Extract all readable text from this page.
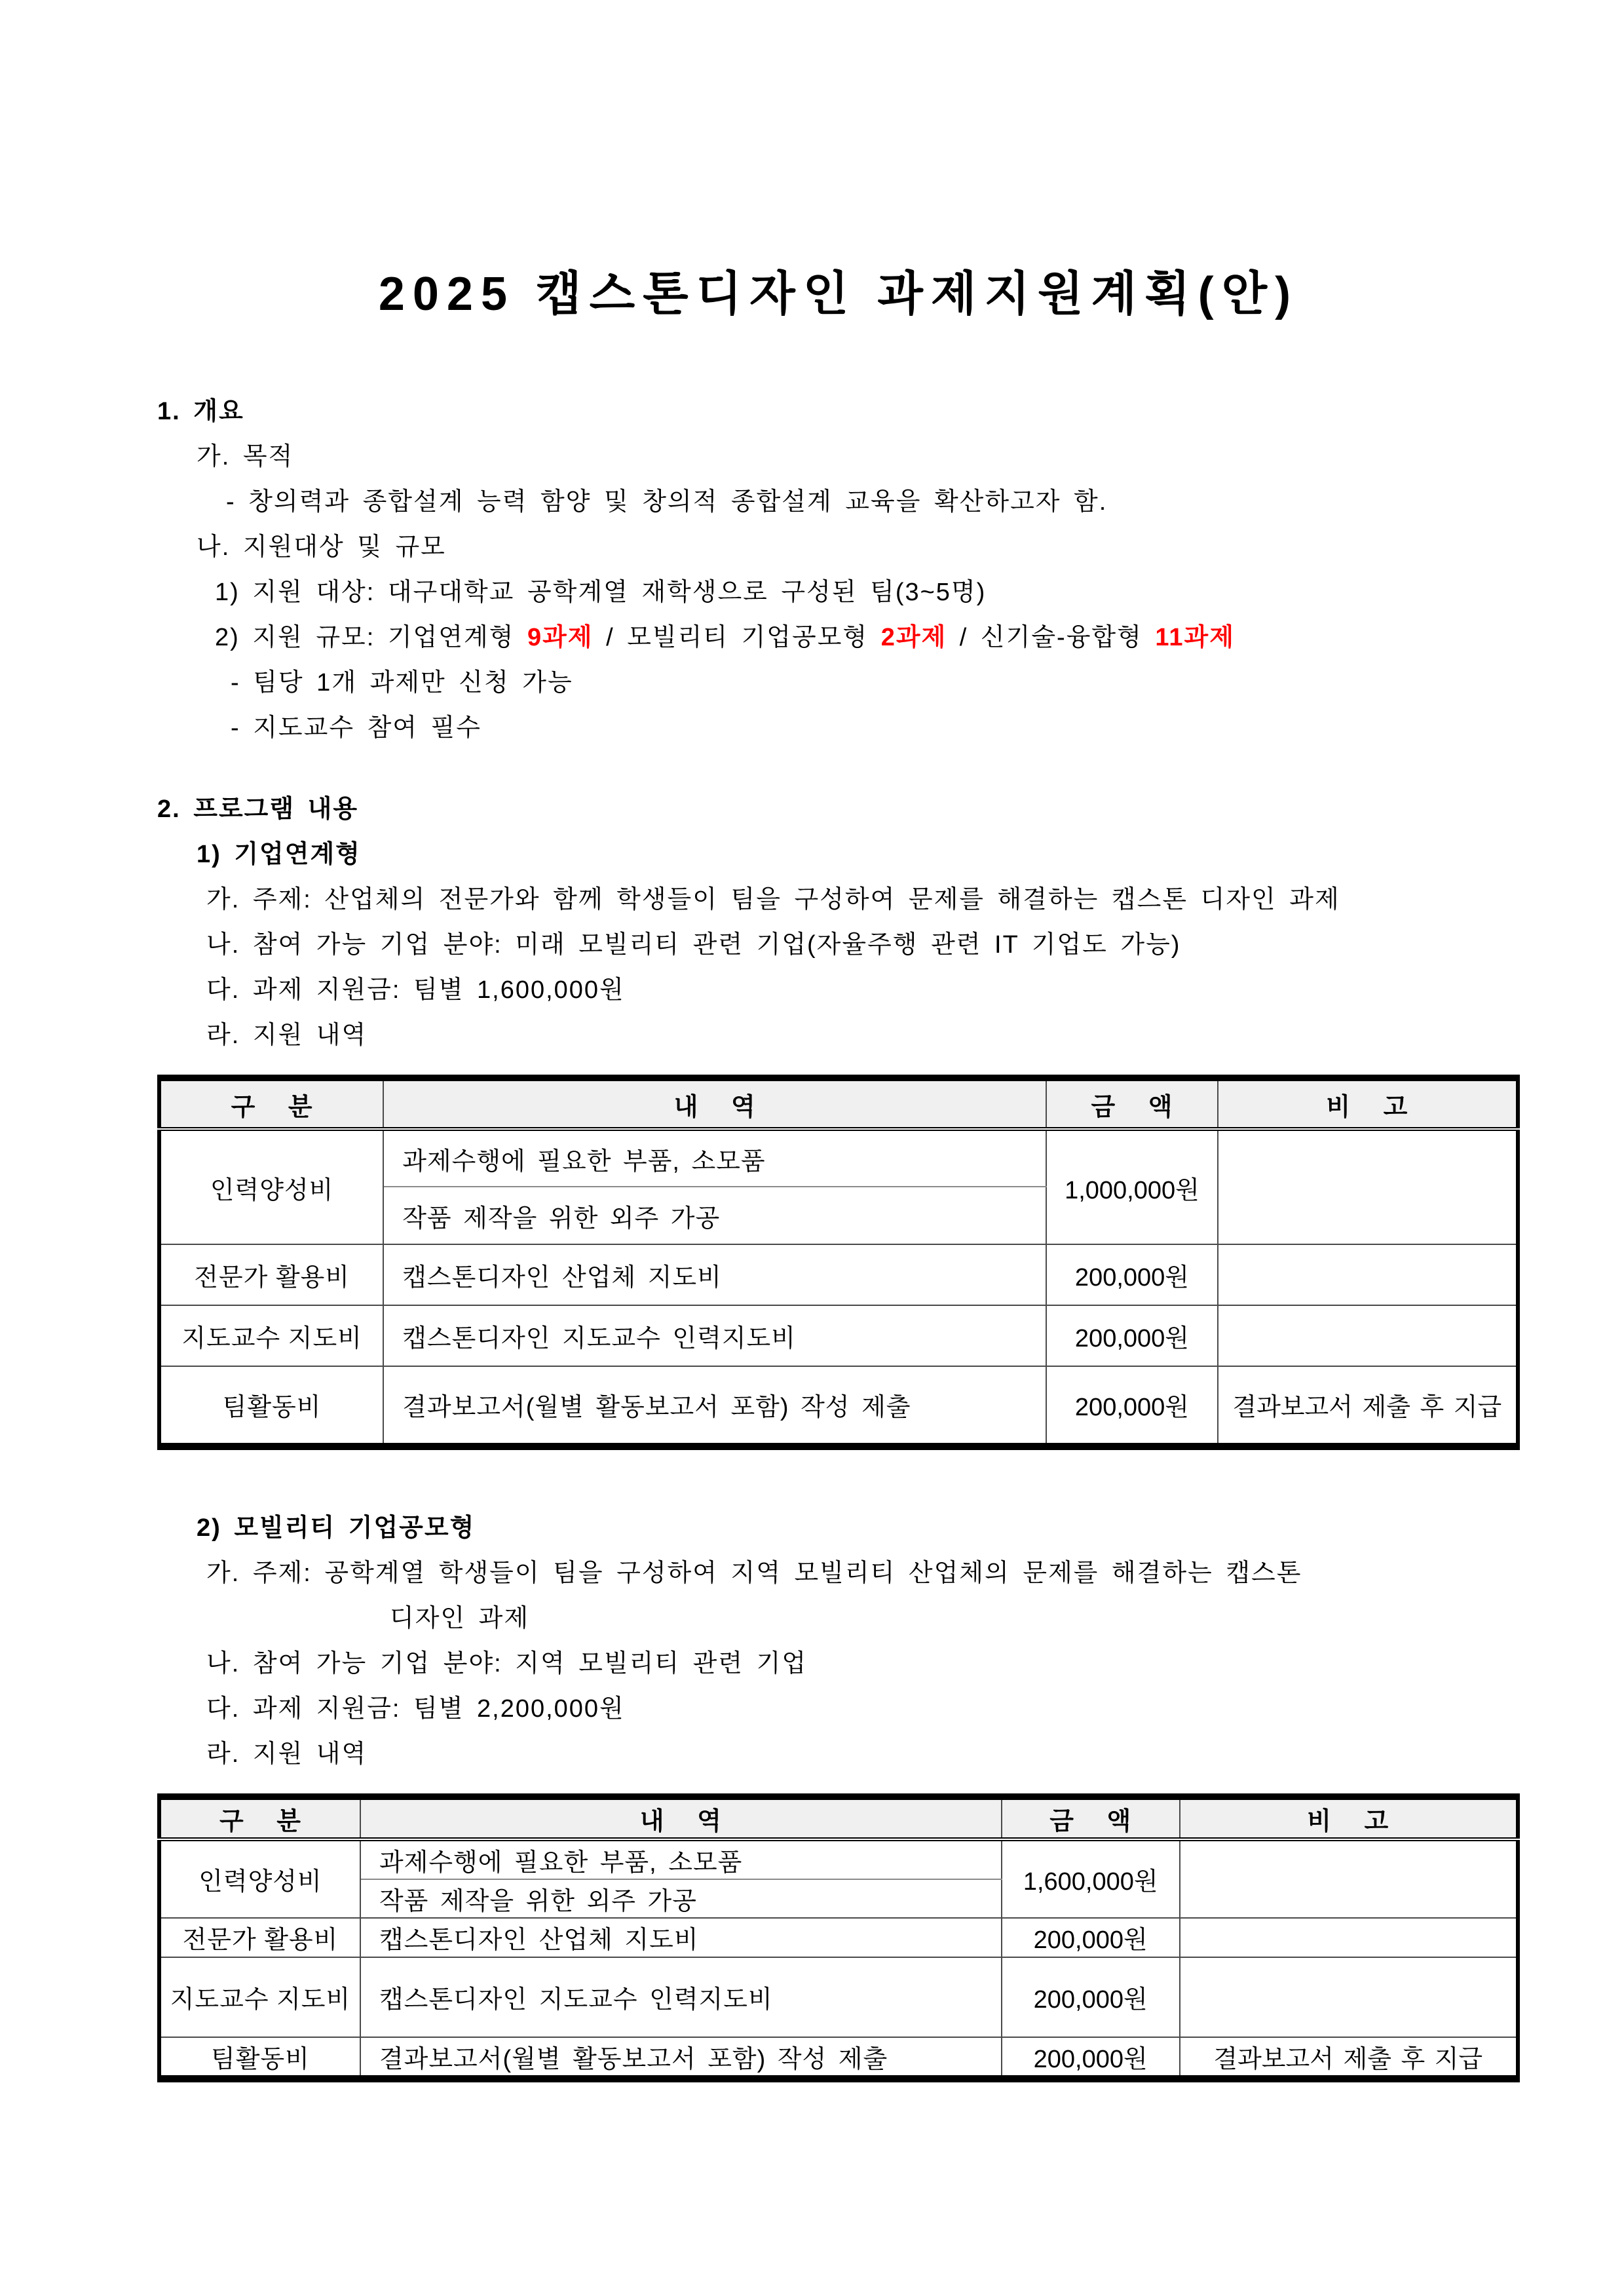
2025 캡스톤디자인 과제지원계획(안)
1. 개요
가. 목적
- 창의력과 종합설계 능력 함양 및 창의적 종합설계 교육을 확산하고자 함.
나. 지원대상 및 규모
1) 지원 대상: 대구대학교 공학계열 재학생으로 구성된 팀(3~5명)
2) 지원 규모: 기업연계형 9과제 / 모빌리티 기업공모형 2과제 / 신기술-융합형 11과제
- 팀당 1개 과제만 신청 가능
- 지도교수 참여 필수
2. 프로그램 내용
1) 기업연계형
가. 주제: 산업체의 전문가와 함께 학생들이 팀을 구성하여 문제를 해결하는 캡스톤 디자인 과제
나. 참여 가능 기업 분야: 미래 모빌리티 관련 기업(자율주행 관련 IT 기업도 가능)
다. 과제 지원금: 팀별 1,600,000원
라. 지원 내역
구 분	내 역	금 액	비 고
인력양성비	과제수행에 필요한 부품, 소모품	1,000,000원	
	작품 제작을 위한 외주 가공		
전문가 활용비	캡스톤디자인 산업체 지도비	200,000원	
지도교수 지도비	캡스톤디자인 지도교수 인력지도비	200,000원	
팀활동비	결과보고서(월별 활동보고서 포함) 작성 제출	200,000원	결과보고서 제출 후 지급
2) 모빌리티 기업공모형
가. 주제: 공학계열 학생들이 팀을 구성하여 지역 모빌리티 산업체의 문제를 해결하는 캡스톤
디자인 과제
나. 참여 가능 기업 분야: 지역 모빌리티 관련 기업
다. 과제 지원금: 팀별 2,200,000원
라. 지원 내역
구 분	내 역	금 액	비 고
인력양성비	과제수행에 필요한 부품, 소모품	1,600,000원	
	작품 제작을 위한 외주 가공		
전문가 활용비	캡스톤디자인 산업체 지도비	200,000원	
지도교수 지도비	캡스톤디자인 지도교수 인력지도비	200,000원	
팀활동비	결과보고서(월별 활동보고서 포함) 작성 제출	200,000원	결과보고서 제출 후 지급
